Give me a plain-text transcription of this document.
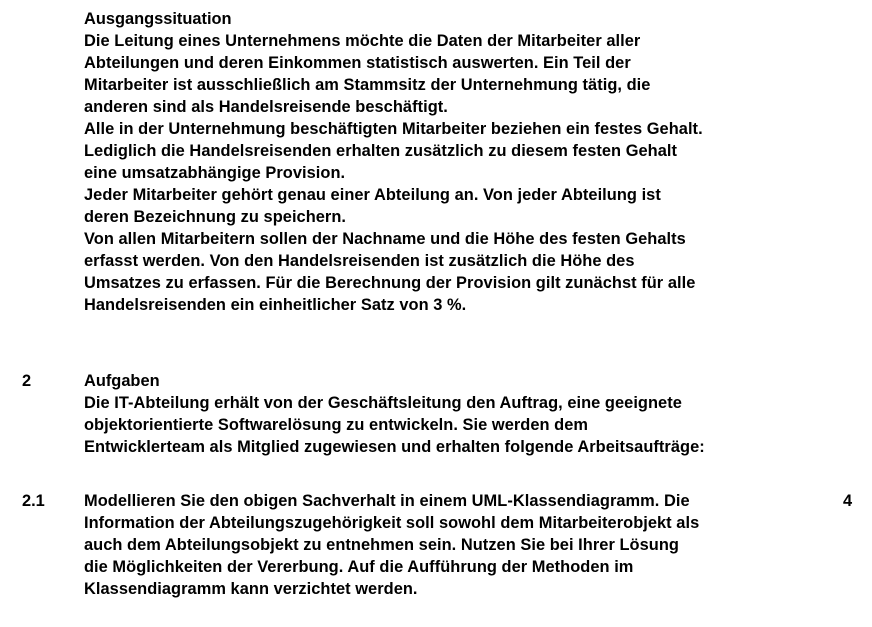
Ausgangssituation
Die Leitung eines Unternehmens möchte die Daten der Mitarbeiter aller
Abteilungen und deren Einkommen statistisch auswerten. Ein Teil der
Mitarbeiter ist ausschließlich am Stammsitz der Unternehmung tätig, die
anderen sind als Handelsreisende beschäftigt.
Alle in der Unternehmung beschäftigten Mitarbeiter beziehen ein festes Gehalt.
Lediglich die Handelsreisenden erhalten zusätzlich zu diesem festen Gehalt
eine umsatzabhängige Provision.
Jeder Mitarbeiter gehört genau einer Abteilung an. Von jeder Abteilung ist
deren Bezeichnung zu speichern.
Von allen Mitarbeitern sollen der Nachname und die Höhe des festen Gehalts
erfasst werden. Von den Handelsreisenden ist zusätzlich die Höhe des
Umsatzes zu erfassen. Für die Berechnung der Provision gilt zunächst für alle
Handelsreisenden ein einheitlicher Satz von 3 %.
2	Aufgaben
Die IT-Abteilung erhält von der Geschäftsleitung den Auftrag, eine geeignete
objektorientierte Softwarelösung zu entwickeln. Sie werden dem
Entwicklerteam als Mitglied zugewiesen und erhalten folgende Arbeitsaufträge:
2.1	4
Modellieren Sie den obigen Sachverhalt in einem UML-Klassendiagramm. Die
Information der Abteilungszugehörigkeit soll sowohl dem Mitarbeiterobjekt als
auch dem Abteilungsobjekt zu entnehmen sein. Nutzen Sie bei Ihrer Lösung
die Möglichkeiten der Vererbung. Auf die Aufführung der Methoden im
Klassendiagramm kann verzichtet werden.
